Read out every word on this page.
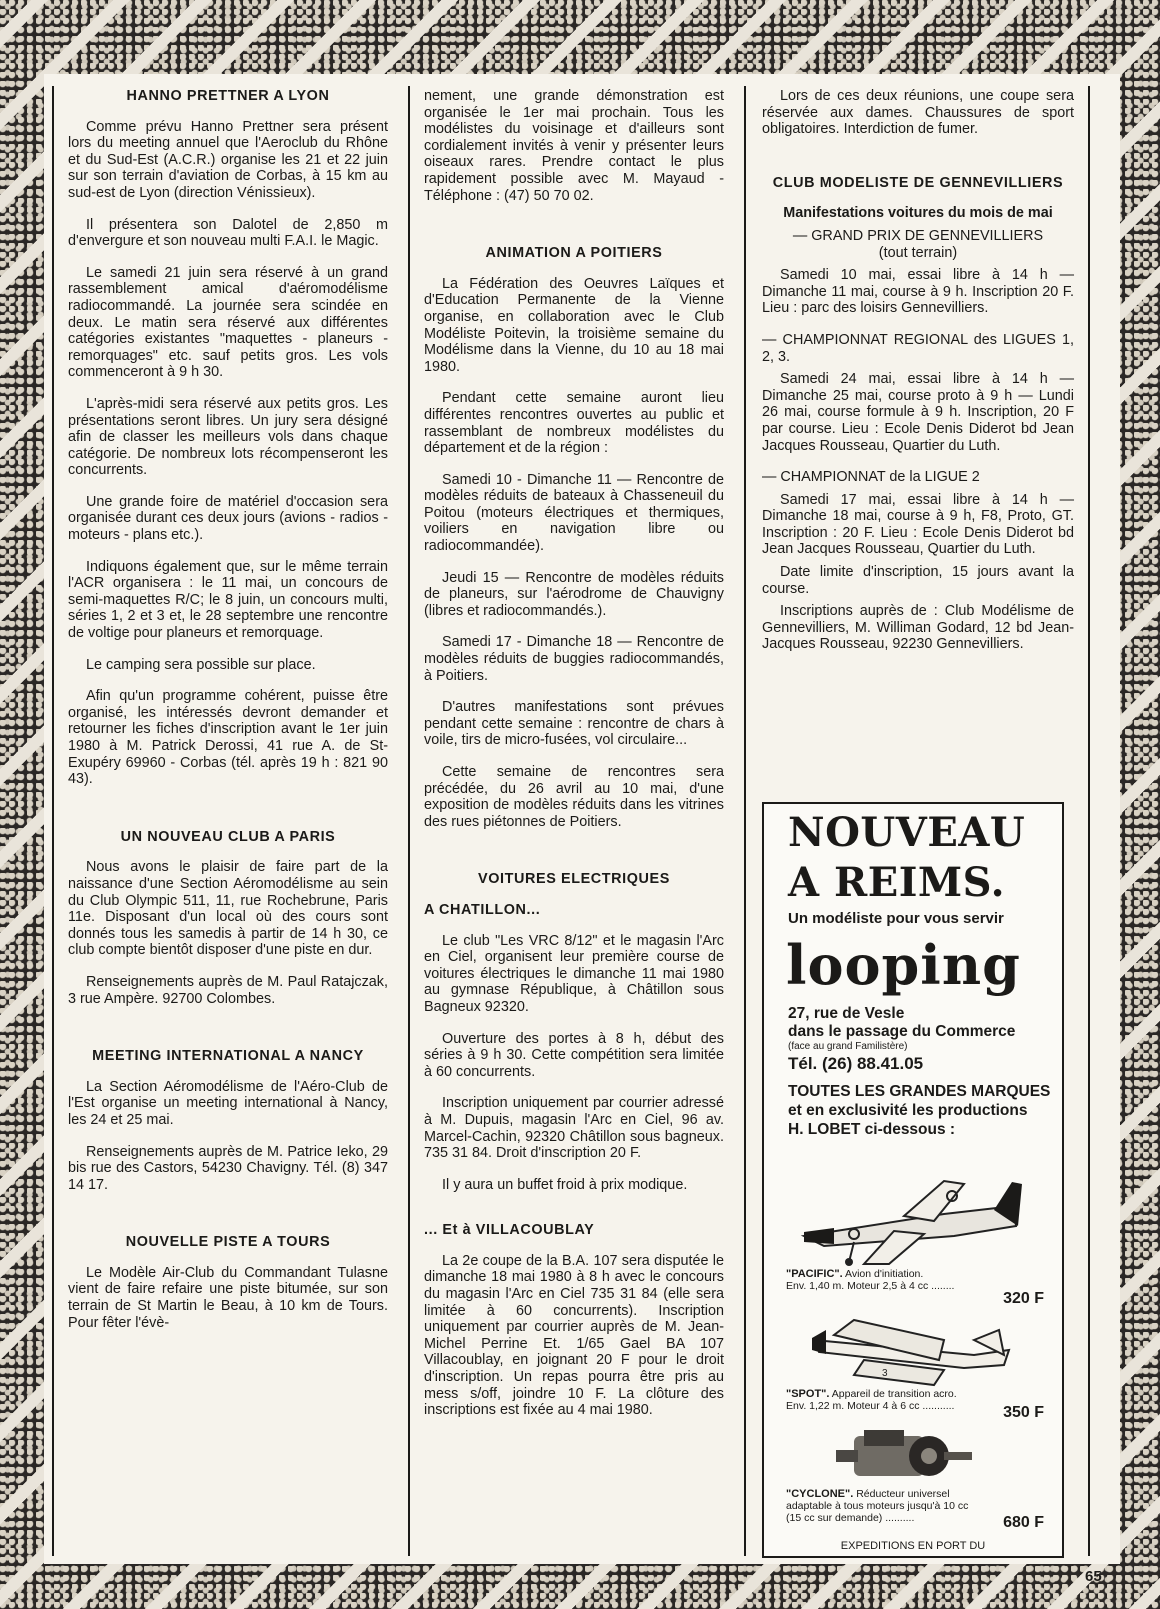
HANNO PRETTNER A LYON

Comme prévu Hanno Prettner sera présent lors du meeting annuel que l'Aeroclub du Rhône et du Sud-Est (A.C.R.) organise les 21 et 22 juin sur son terrain d'aviation de Corbas, à 15 km au sud-est de Lyon (direction Vénissieux).

Il présentera son Dalotel de 2,850 m d'envergure et son nouveau multi F.A.I. le Magic.

Le samedi 21 juin sera réservé à un grand rassemblement amical d'aéromodélisme radiocommandé. La journée sera scindée en deux. Le matin sera réservé aux différentes catégories existantes "maquettes - planeurs - remorquages" etc. sauf petits gros. Les vols commenceront à 9 h 30.

L'après-midi sera réservé aux petits gros. Les présentations seront libres. Un jury sera désigné afin de classer les meilleurs vols dans chaque catégorie. De nombreux lots récompenseront les concurrents.

Une grande foire de matériel d'occasion sera organisée durant ces deux jours (avions - radios - moteurs - plans etc.).

Indiquons également que, sur le même terrain l'ACR organisera : le 11 mai, un concours de semi-maquettes R/C; le 8 juin, un concours multi, séries 1, 2 et 3 et, le 28 septembre une rencontre de voltige pour planeurs et remorquage.

Le camping sera possible sur place.

Afin qu'un programme cohérent, puisse être organisé, les intéressés devront demander et retourner les fiches d'inscription avant le 1er juin 1980 à M. Patrick Derossi, 41 rue A. de St-Exupéry 69960 - Corbas (tél. après 19 h : 821 90 43).

UN NOUVEAU CLUB A PARIS

Nous avons le plaisir de faire part de la naissance d'une Section Aéromodélisme au sein du Club Olympic 511, 11, rue Rochebrune, Paris 11e. Disposant d'un local où des cours sont donnés tous les samedis à partir de 14 h 30, ce club compte bientôt disposer d'une piste en dur.

Renseignements auprès de M. Paul Ratajczak, 3 rue Ampère. 92700 Colombes.

MEETING INTERNATIONAL A NANCY

La Section Aéromodélisme de l'Aéro-Club de l'Est organise un meeting international à Nancy, les 24 et 25 mai.

Renseignements auprès de M. Patrice Ieko, 29 bis rue des Castors, 54230 Chavigny. Tél. (8) 347 14 17.

NOUVELLE PISTE A TOURS

Le Modèle Air-Club du Commandant Tulasne vient de faire refaire une piste bitumée, sur son terrain de St Martin le Beau, à 10 km de Tours. Pour fêter l'évè-

nement, une grande démonstration est organisée le 1er mai prochain. Tous les modélistes du voisinage et d'ailleurs sont cordialement invités à venir y présenter leurs oiseaux rares. Prendre contact le plus rapidement possible avec M. Mayaud - Téléphone : (47) 50 70 02.

ANIMATION A POITIERS

La Fédération des Oeuvres Laïques et d'Education Permanente de la Vienne organise, en collaboration avec le Club Modéliste Poitevin, la troisième semaine du Modélisme dans la Vienne, du 10 au 18 mai 1980.

Pendant cette semaine auront lieu différentes rencontres ouvertes au public et rassemblant de nombreux modélistes du département et de la région :

Samedi 10 - Dimanche 11 — Rencontre de modèles réduits de bateaux à Chasseneuil du Poitou (moteurs électriques et thermiques, voiliers en navigation libre ou radiocommandée).

Jeudi 15 — Rencontre de modèles réduits de planeurs, sur l'aérodrome de Chauvigny (libres et radiocommandés.).

Samedi 17 - Dimanche 18 — Rencontre de modèles réduits de buggies radiocommandés, à Poitiers.

D'autres manifestations sont prévues pendant cette semaine : rencontre de chars à voile, tirs de micro-fusées, vol circulaire...

Cette semaine de rencontres sera précédée, du 26 avril au 10 mai, d'une exposition de modèles réduits dans les vitrines des rues piétonnes de Poitiers.

VOITURES ELECTRIQUES
A CHATILLON...

Le club "Les VRC 8/12" et le magasin l'Arc en Ciel, organisent leur première course de voitures électriques le dimanche 11 mai 1980 au gymnase République, à Châtillon sous Bagneux 92320.

Ouverture des portes à 8 h, début des séries à 9 h 30. Cette compétition sera limitée à 60 concurrents.

Inscription uniquement par courrier adressé à M. Dupuis, magasin l'Arc en Ciel, 96 av. Marcel-Cachin, 92320 Châtillon sous bagneux. 735 31 84. Droit d'inscription 20 F.

Il y aura un buffet froid à prix modique.

... Et à VILLACOUBLAY

La 2e coupe de la B.A. 107 sera disputée le dimanche 18 mai 1980 à 8 h avec le concours du magasin l'Arc en Ciel 735 31 84 (elle sera limitée à 60 concurrents). Inscription uniquement par courrier auprès de M. Jean-Michel Perrine Et. 1/65 Gael BA 107 Villacoublay, en joignant 20 F pour le droit d'inscription. Un repas pourra être pris au mess s/off, joindre 10 F. La clôture des inscriptions est fixée au 4 mai 1980.

Lors de ces deux réunions, une coupe sera réservée aux dames. Chaussures de sport obligatoires. Interdiction de fumer.

CLUB MODELISTE DE GENNEVILLIERS
Manifestations voitures du mois de mai

— GRAND PRIX DE GENNEVILLIERS

(tout terrain)

Samedi 10 mai, essai libre à 14 h — Dimanche 11 mai, course à 9 h. Inscription 20 F. Lieu : parc des loisirs Gennevilliers.

— CHAMPIONNAT REGIONAL des LIGUES 1, 2, 3.

Samedi 24 mai, essai libre à 14 h — Dimanche 25 mai, course proto à 9 h — Lundi 26 mai, course formule à 9 h. Inscription, 20 F par course. Lieu : Ecole Denis Diderot bd Jean Jacques Rousseau, Quartier du Luth.

— CHAMPIONNAT de la LIGUE 2

Samedi 17 mai, essai libre à 14 h — Dimanche 18 mai, course à 9 h, F8, Proto, GT. Inscription : 20 F. Lieu : Ecole Denis Diderot bd Jean Jacques Rousseau, Quartier du Luth.

Date limite d'inscription, 15 jours avant la course.

Inscriptions auprès de : Club Modélisme de Gennevilliers, M. Williman Godard, 12 bd Jean-Jacques Rousseau, 92230 Gennevilliers.

NOUVEAU
A REIMS.
Un modéliste pour vous servir
looping
27, rue de Vesle
dans le passage du Commerce
(face au grand Familistère)
Tél. (26) 88.41.05
TOUTES LES GRANDES MARQUES
et en exclusivité les productions
H. LOBET ci-dessous :
"PACIFIC". Avion d'initiation.
Env. 1,40 m. Moteur 2,5 à 4 cc ........
320 F
3
"SPOT". Appareil de transition acro.
Env. 1,22 m. Moteur 4 à 6 cc ...........	350 F
"CYCLONE". Réducteur universel adaptable à tous moteurs jusqu'à 10 cc (15 cc sur demande) ..........	680 F
EXPEDITIONS EN PORT DU
65
